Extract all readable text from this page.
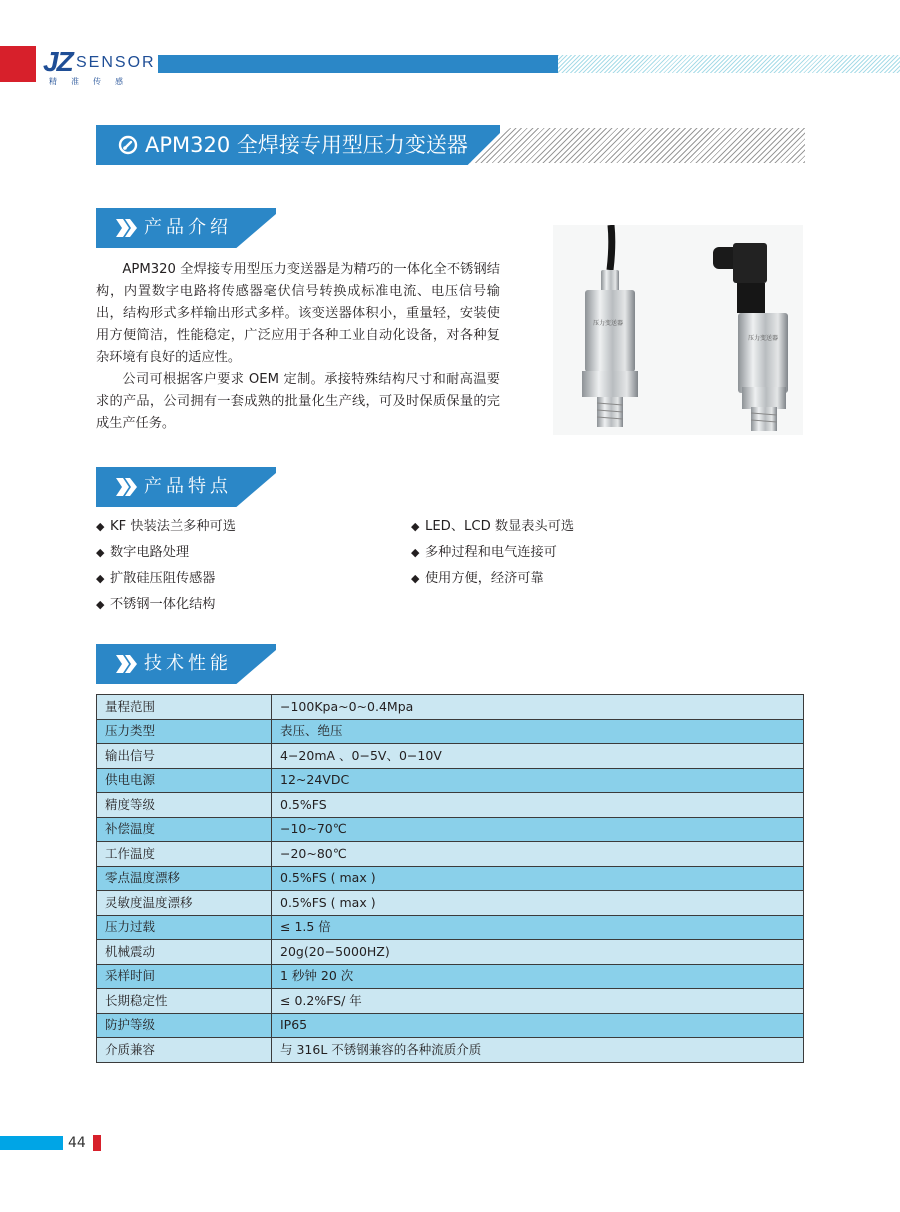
JZ SENSOR
精准传感
APM320 全焊接专用型压力变送器
产品介绍
APM320 全焊接专用型压力变送器是为精巧的一体化全不锈钢结构，内置数字电路将传感器毫伏信号转换成标准电流、电压信号输出，结构形式多样输出形式多样。该变送器体积小，重量轻，安装使用方便简洁，性能稳定，广泛应用于各种工业自动化设备，对各种复杂环境有良好的适应性。
公司可根据客户要求 OEM 定制。承接特殊结构尺寸和耐高温要求的产品，公司拥有一套成熟的批量化生产线，可及时保质保量的完成生产任务。
压力变送器
压力变送器
产品特点
◆ KF 快装法兰多种可选
◆ 数字电路处理
◆ 扩散硅压阻传感器
◆ 不锈钢一体化结构
◆ LED、LCD 数显表头可选
◆ 多种过程和电气连接可
◆ 使用方便，经济可靠
技术性能
量程范围	−100Kpa~0~0.4Mpa
压力类型	表压、绝压
输出信号	4−20mA 、0−5V、0−10V
供电电源	12~24VDC
精度等级	0.5%FS
补偿温度	−10~70℃
工作温度	−20~80℃
零点温度漂移	0.5%FS ( max )
灵敏度温度漂移	0.5%FS ( max )
压力过载	≤ 1.5 倍
机械震动	20g(20−5000HZ)
采样时间	1 秒钟 20 次
长期稳定性	≤ 0.2%FS/ 年
防护等级	IP65
介质兼容	与 316L 不锈钢兼容的各种流质介质
44
